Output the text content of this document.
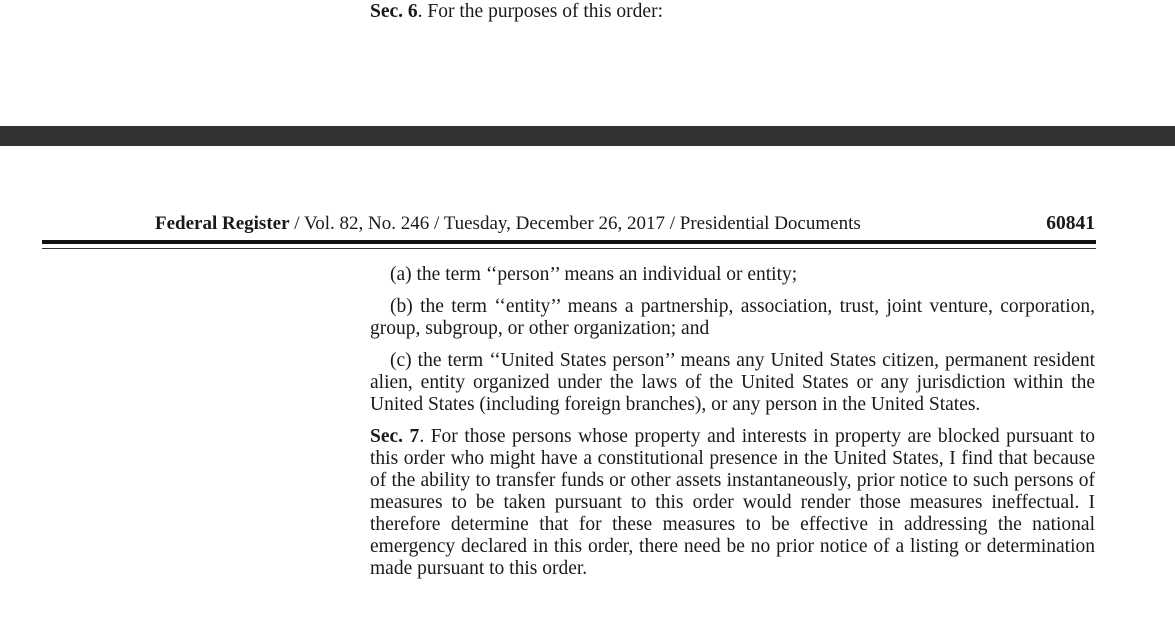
Sec. 6. For the purposes of this order:
Federal Register / Vol. 82, No. 246 / Tuesday, December 26, 2017 / Presidential Documents	60841

(a) the term ‘‘person’’ means an individual or entity;

(b) the term ‘‘entity’’ means a partnership, association, trust, joint venture, corporation, group, subgroup, or other organization; and

(c) the term ‘‘United States person’’ means any United States citizen, permanent resident alien, entity organized under the laws of the United States or any jurisdiction within the United States (including foreign branches), or any person in the United States.

Sec. 7. For those persons whose property and interests in property are blocked pursuant to this order who might have a constitutional presence in the United States, I find that because of the ability to transfer funds or other assets instantaneously, prior notice to such persons of measures to be taken pursuant to this order would render those measures ineffectual. I therefore determine that for these measures to be effective in addressing the national emergency declared in this order, there need be no prior notice of a listing or determination made pursuant to this order.
